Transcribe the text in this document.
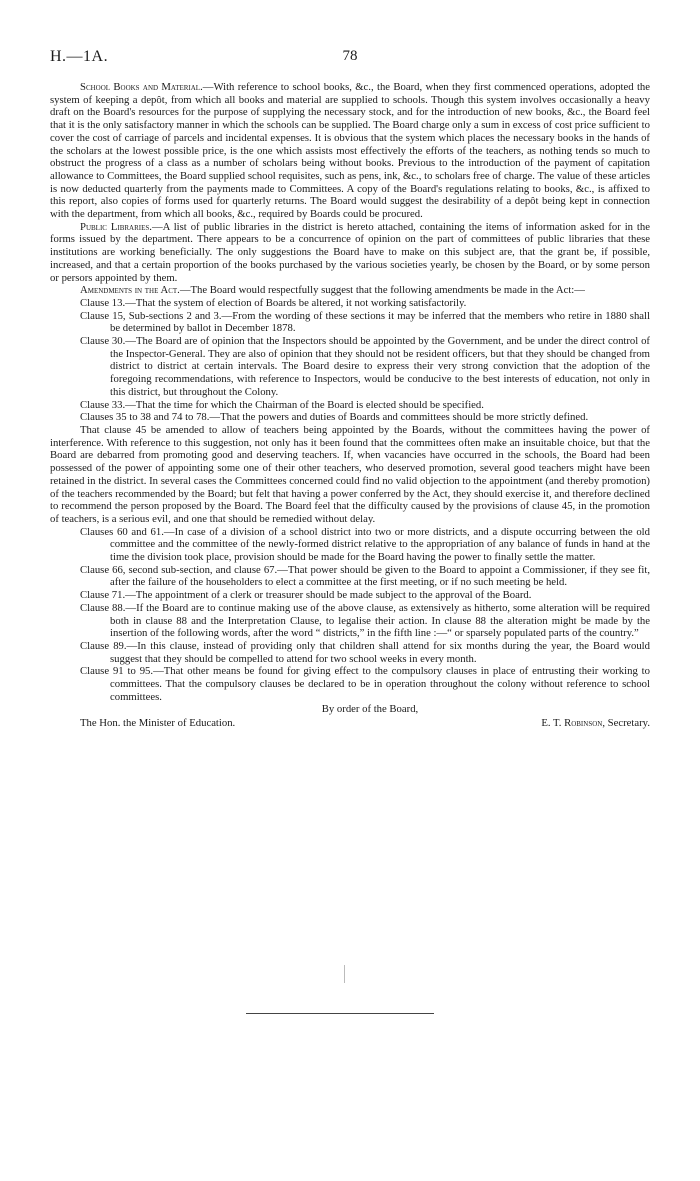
H.—1A.	78

School Books and Material.—With reference to school books, &c., the Board, when they first commenced operations, adopted the system of keeping a depôt, from which all books and material are supplied to schools. Though this system involves occasionally a heavy draft on the Board's resources for the purpose of supplying the necessary stock, and for the introduction of new books, &c., the Board feel that it is the only satisfactory manner in which the schools can be supplied. The Board charge only a sum in excess of cost price sufficient to cover the cost of carriage of parcels and incidental expenses. It is obvious that the system which places the necessary books in the hands of the scholars at the lowest possible price, is the one which assists most effectively the efforts of the teachers, as nothing tends so much to obstruct the progress of a class as a number of scholars being without books. Previous to the introduction of the payment of capitation allowance to Committees, the Board supplied school requisites, such as pens, ink, &c., to scholars free of charge. The value of these articles is now deducted quarterly from the payments made to Committees. A copy of the Board's regulations relating to books, &c., is affixed to this report, also copies of forms used for quarterly returns. The Board would suggest the desirability of a depôt being kept in connection with the department, from which all books, &c., required by Boards could be procured.

Public Libraries.—A list of public libraries in the district is hereto attached, containing the items of information asked for in the forms issued by the department. There appears to be a concurrence of opinion on the part of committees of public libraries that these institutions are working beneficially. The only suggestions the Board have to make on this subject are, that the grant be, if possible, increased, and that a certain proportion of the books purchased by the various societies yearly, be chosen by the Board, or by some person or persors appointed by them.

Amendments in the Act.—The Board would respectfully suggest that the following amendments be made in the Act:—

Clause 13.—That the system of election of Boards be altered, it not working satisfactorily.

Clause 15, Sub-sections 2 and 3.—From the wording of these sections it may be inferred that the members who retire in 1880 shall be determined by ballot in December 1878.

Clause 30.—The Board are of opinion that the Inspectors should be appointed by the Government, and be under the direct control of the Inspector-General. They are also of opinion that they should not be resident officers, but that they should be changed from district to district at certain intervals. The Board desire to express their very strong conviction that the adoption of the foregoing recommendations, with reference to Inspectors, would be conducive to the best interests of education, not only in this district, but throughout the Colony.

Clause 33.—That the time for which the Chairman of the Board is elected should be specified.

Clauses 35 to 38 and 74 to 78.—That the powers and duties of Boards and committees should be more strictly defined.

That clause 45 be amended to allow of teachers being appointed by the Boards, without the committees having the power of interference. With reference to this suggestion, not only has it been found that the committees often make an insuitable choice, but that the Board are debarred from promoting good and deserving teachers. If, when vacancies have occurred in the schools, the Board had been possessed of the power of appointing some one of their other teachers, who deserved promotion, several good teachers might have been retained in the district. In several cases the Committees concerned could find no valid objection to the appointment (and thereby promotion) of the teachers recommended by the Board; but felt that having a power conferred by the Act, they should exercise it, and therefore declined to recommend the person proposed by the Board. The Board feel that the difficulty caused by the provisions of clause 45, in the promotion of teachers, is a serious evil, and one that should be remedied without delay.

Clauses 60 and 61.—In case of a division of a school district into two or more districts, and a dispute occurring between the old committee and the committee of the newly-formed district relative to the appropriation of any balance of funds in hand at the time the division took place, provision should be made for the Board having the power to finally settle the matter.

Clause 66, second sub-section, and clause 67.—That power should be given to the Board to appoint a Commissioner, if they see fit, after the failure of the householders to elect a committee at the first meeting, or if no such meeting be held.

Clause 71.—The appointment of a clerk or treasurer should be made subject to the approval of the Board.

Clause 88.—If the Board are to continue making use of the above clause, as extensively as hitherto, some alteration will be required both in clause 88 and the Interpretation Clause, to legalise their action. In clause 88 the alteration might be made by the insertion of the following words, after the word “ districts,” in the fifth line :—“ or sparsely populated parts of the country.”

Clause 89.—In this clause, instead of providing only that children shall attend for six months during the year, the Board would suggest that they should be compelled to attend for two school weeks in every month.

Clause 91 to 95.—That other means be found for giving effect to the compulsory clauses in place of entrusting their working to committees. That the compulsory clauses be declared to be in operation throughout the colony without reference to school committees.

By order of the Board,

The Hon. the Minister of Education.	E. T. Robinson, Secretary.
